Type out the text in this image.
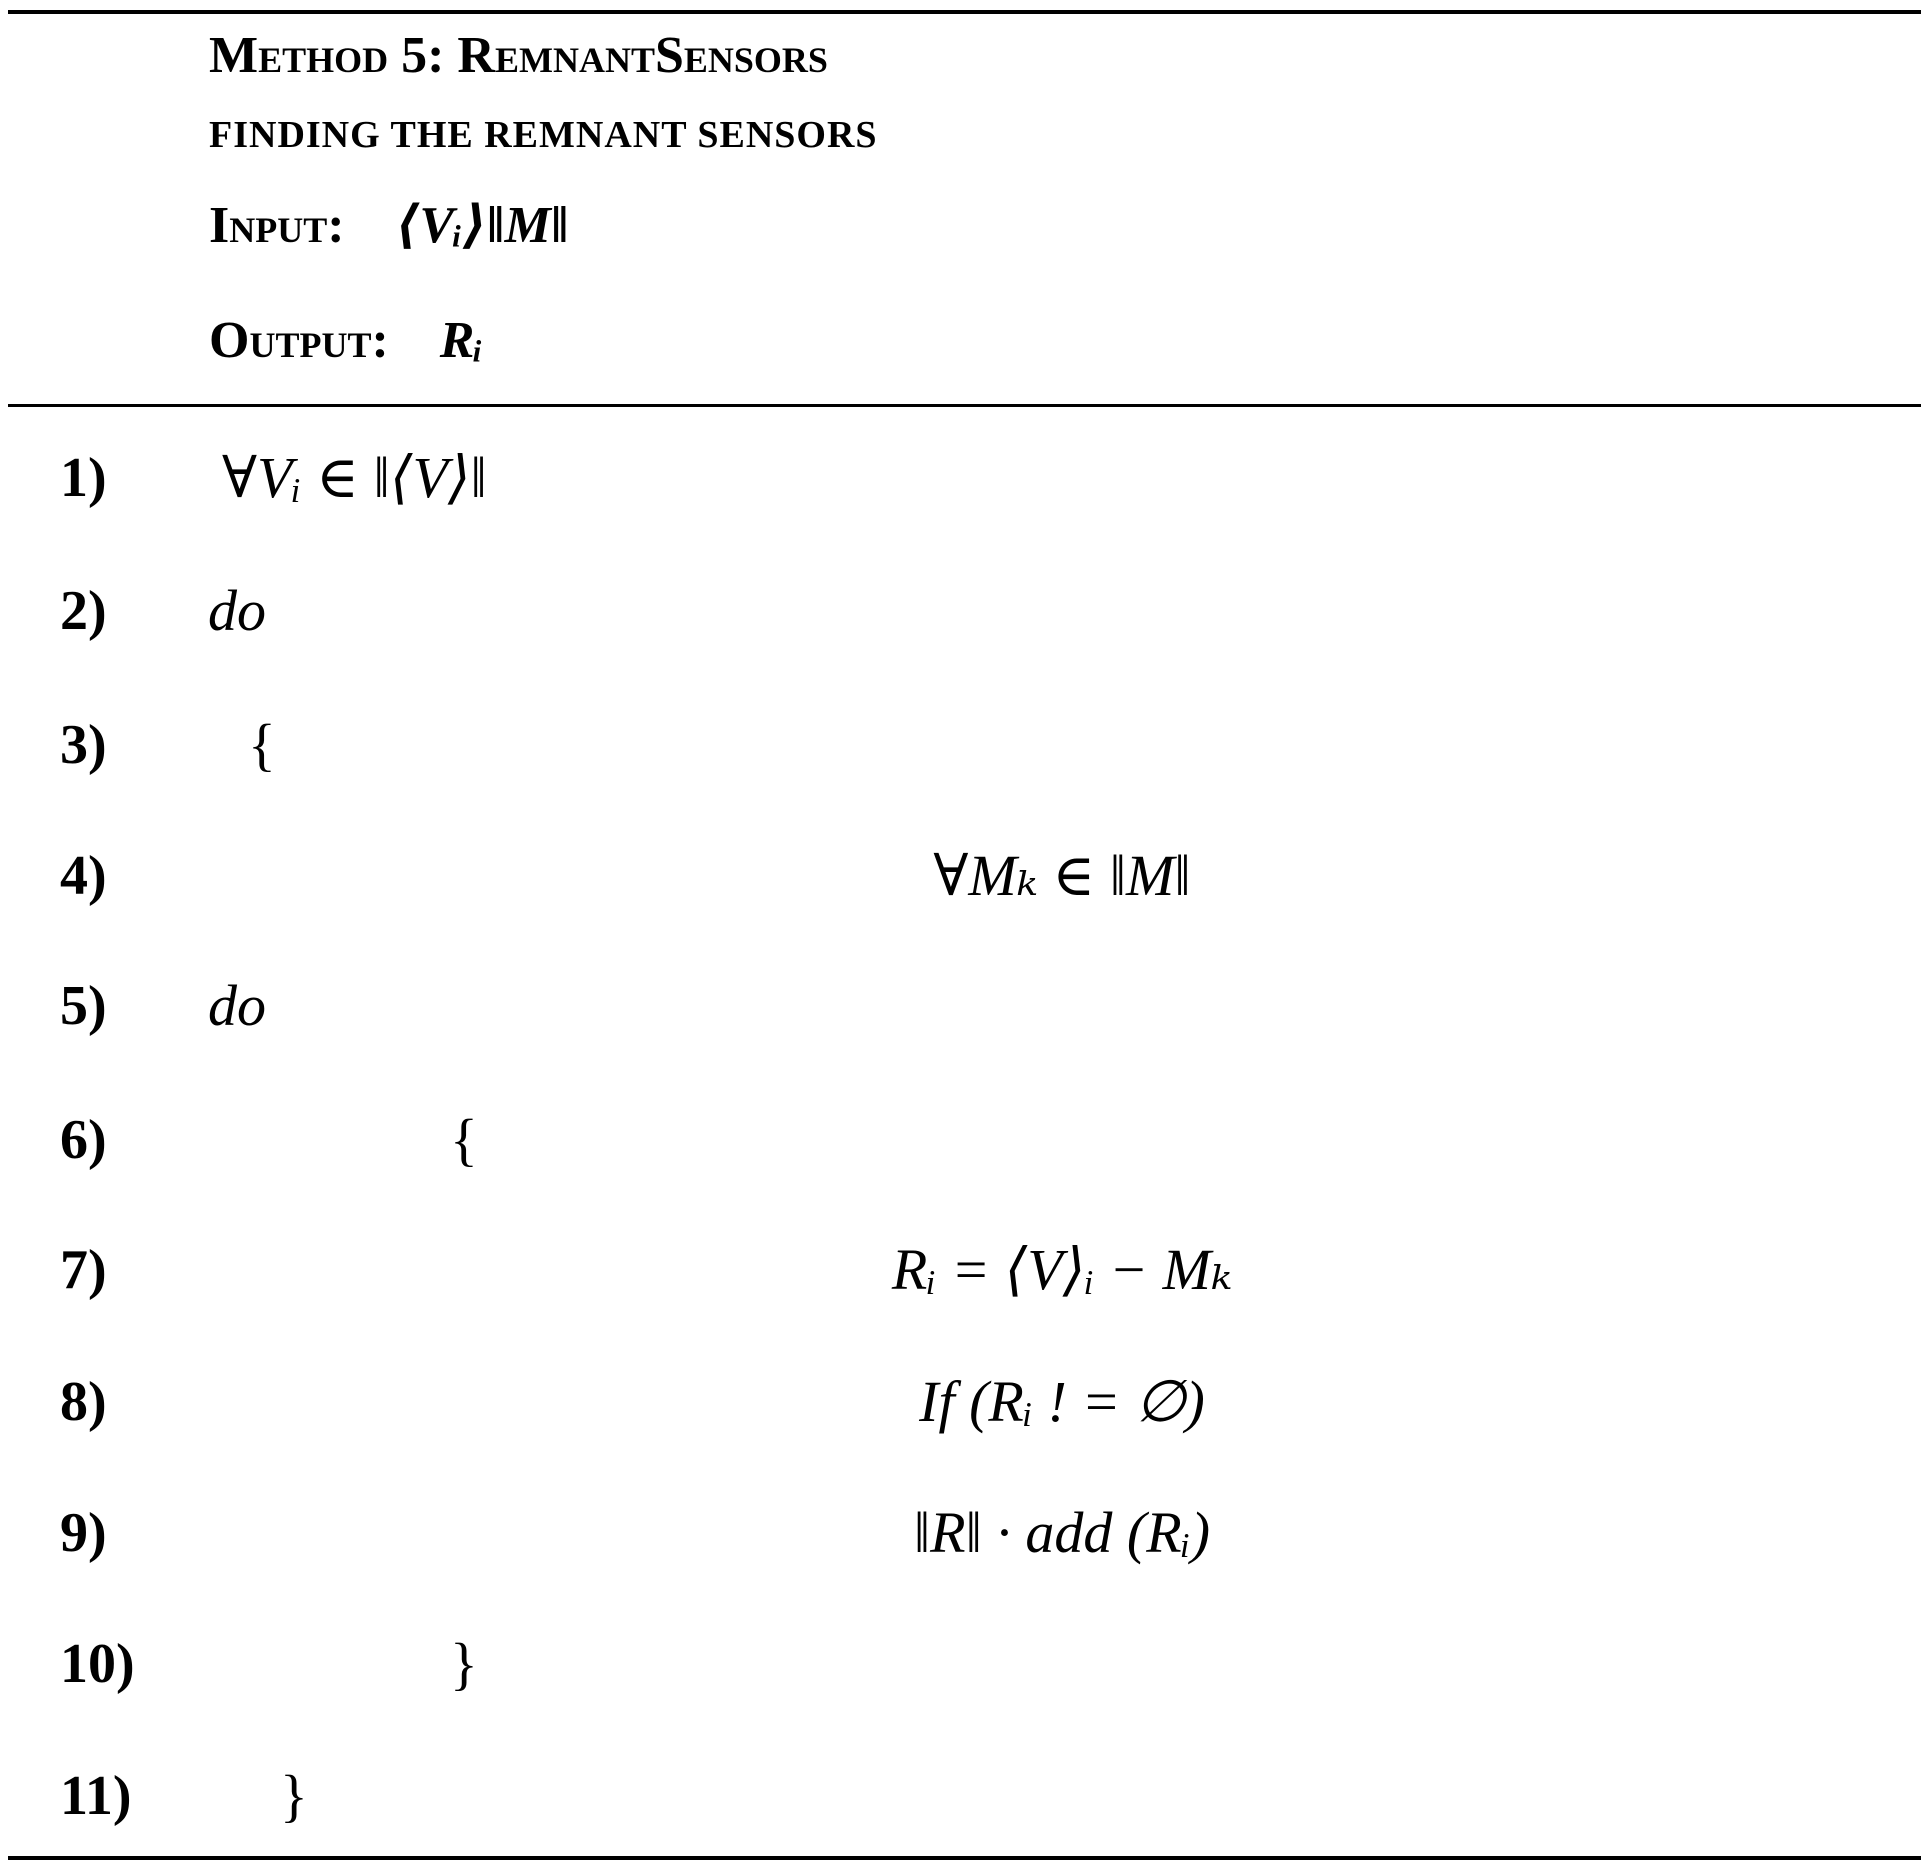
Method 5: RemnantSensors
FINDING THE REMNANT SENSORS
Input: ⟨Vᵢ⟩‖M‖
Output: Rᵢ
1)	∀Vᵢ ∈ ‖⟨V⟩‖
2)	do
3)	{
4)	∀Mₖ ∈ ‖M‖
5)	do
6)	{
7)	Rᵢ = ⟨V⟩ᵢ − Mₖ
8)	If (Rᵢ ! = ∅)
9)	‖R‖ · add (Rᵢ)
10)	}
11)	}
